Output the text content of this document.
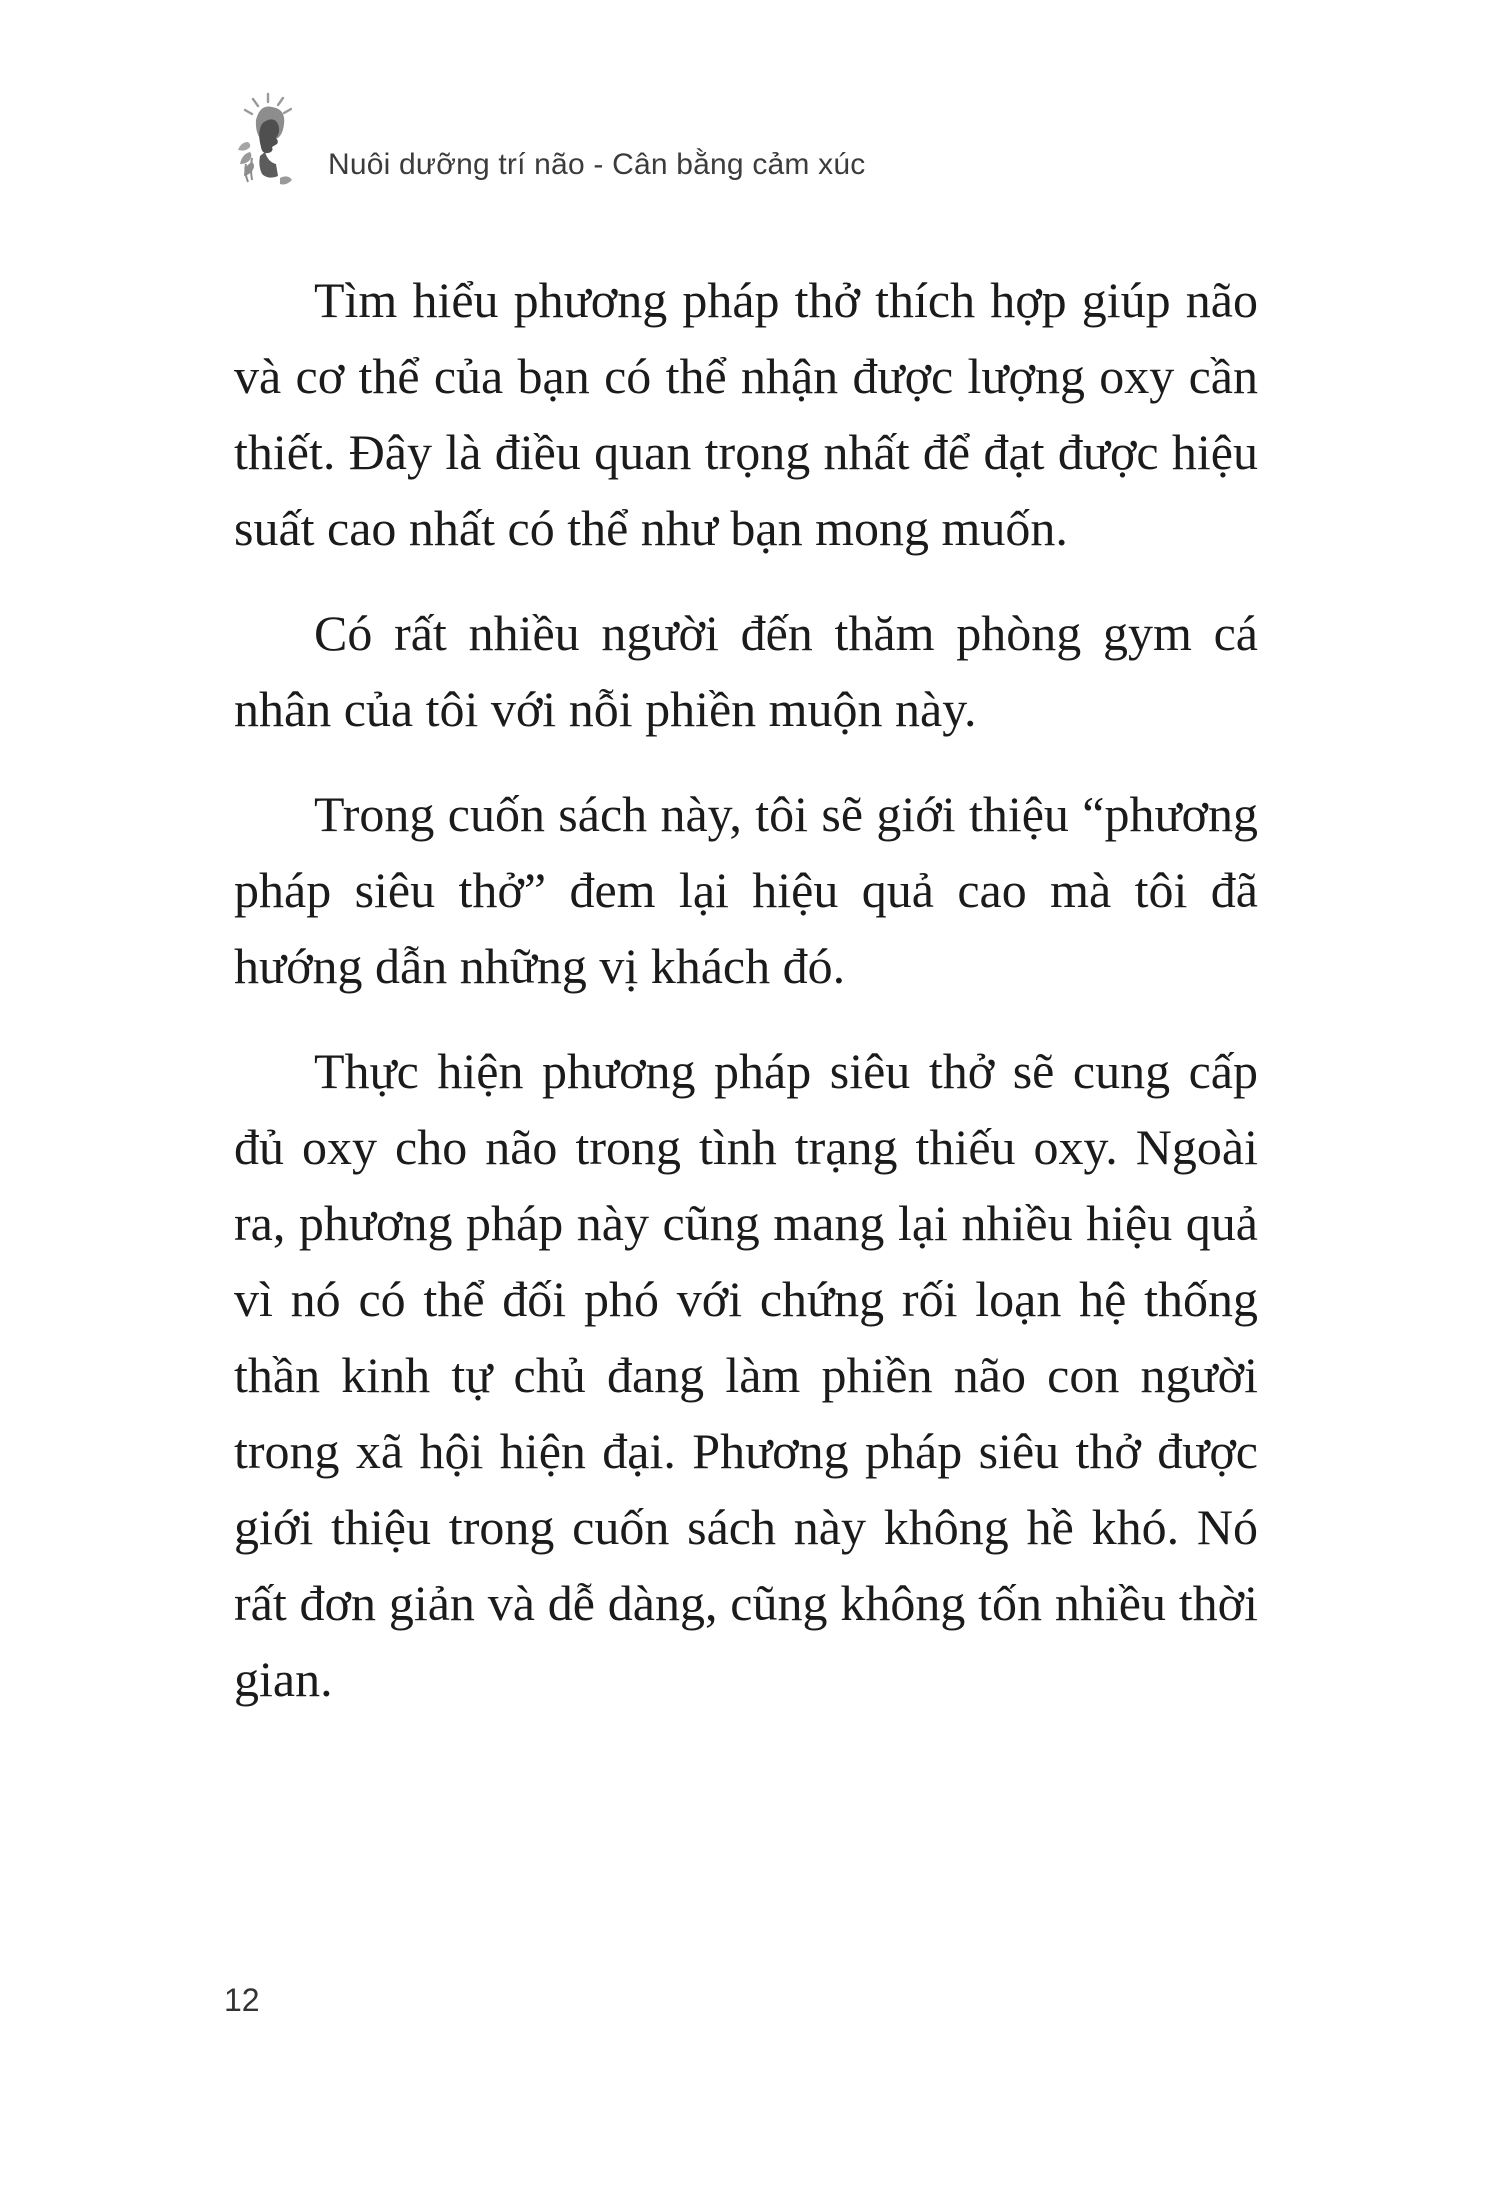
Nuôi dưỡng trí não - Cân bằng cảm xúc

Tìm hiểu phương pháp thở thích hợp giúp não và cơ thể của bạn có thể nhận được lượng oxy cần thiết. Đây là điều quan trọng nhất để đạt được hiệu suất cao nhất có thể như bạn mong muốn.

Có rất nhiều người đến thăm phòng gym cá nhân của tôi với nỗi phiền muộn này.

Trong cuốn sách này, tôi sẽ giới thiệu “phương pháp siêu thở” đem lại hiệu quả cao mà tôi đã hướng dẫn những vị khách đó.

Thực hiện phương pháp siêu thở sẽ cung cấp đủ oxy cho não trong tình trạng thiếu oxy. Ngoài ra, phương pháp này cũng mang lại nhiều hiệu quả vì nó có thể đối phó với chứng rối loạn hệ thống thần kinh tự chủ đang làm phiền não con người trong xã hội hiện đại. Phương pháp siêu thở được giới thiệu trong cuốn sách này không hề khó. Nó rất đơn giản và dễ dàng, cũng không tốn nhiều thời gian.

12
